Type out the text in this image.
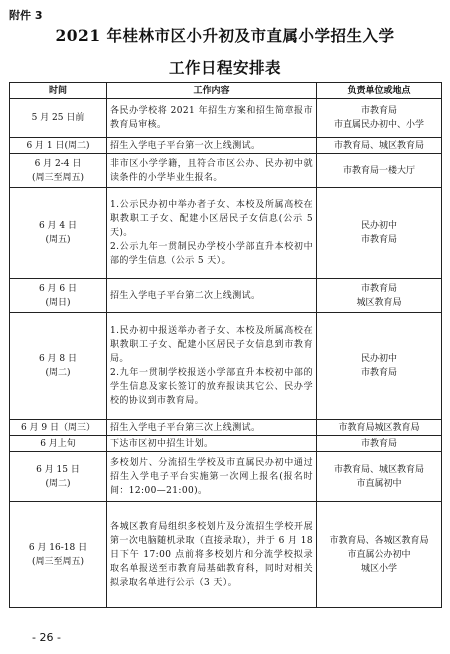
附件 3
2021 年桂林市区小升初及市直属小学招生入学
工作日程安排表
时间	工作内容	负责单位或地点

5 月 25 日前	各民办学校将 2021 年招生方案和招生简章报市教育局审核。	市教育局
市直属民办初中、小学

6 月 1 日(周二)	招生入学电子平台第一次上线测试。	市教育局、城区教育局

6 月 2-4 日
(周三至周五)	非市区小学学籍，且符合市区公办、民办初中就读条件的小学毕业生报名。	市教育局一楼大厅

6 月 4 日
(周五)	1.公示民办初中举办者子女、本校及所属高校在职教职工子女、配建小区居民子女信息(公示 5 天)。
2.公示九年一贯制民办学校小学部直升本校初中部的学生信息（公示 5 天）。	民办初中
市教育局

6 月 6 日
(周日)	招生入学电子平台第二次上线测试。	市教育局
城区教育局

6 月 8 日
(周二)	1.民办初中报送举办者子女、本校及所属高校在职教职工子女、配建小区居民子女信息到市教育局。
2.九年一贯制学校报送小学部直升本校初中部的学生信息及家长签订的放弃报读其它公、民办学校的协议到市教育局。	民办初中
市教育局

6 月 9 日（周三）	招生入学电子平台第三次上线测试。	市教育局城区教育局

6 月上旬	下达市区初中招生计划。	市教育局

6 月 15 日
(周二)	多校划片、分流招生学校及市直属民办初中通过招生入学电子平台实施第一次网上报名(报名时间：12:00—21:00)。	市教育局、城区教育局
市直属初中

6 月 16-18 日
(周三至周五)	各城区教育局组织多校划片及分流招生学校开展第一次电脑随机录取（直接录取），并于 6 月 18 日下午 17:00 点前将多校划片和分流学校拟录取名单报送至市教育局基础教育科，同时对相关拟录取名单进行公示（3 天）。	市教育局、各城区教育局
市直属公办初中
城区小学
- 26 -
